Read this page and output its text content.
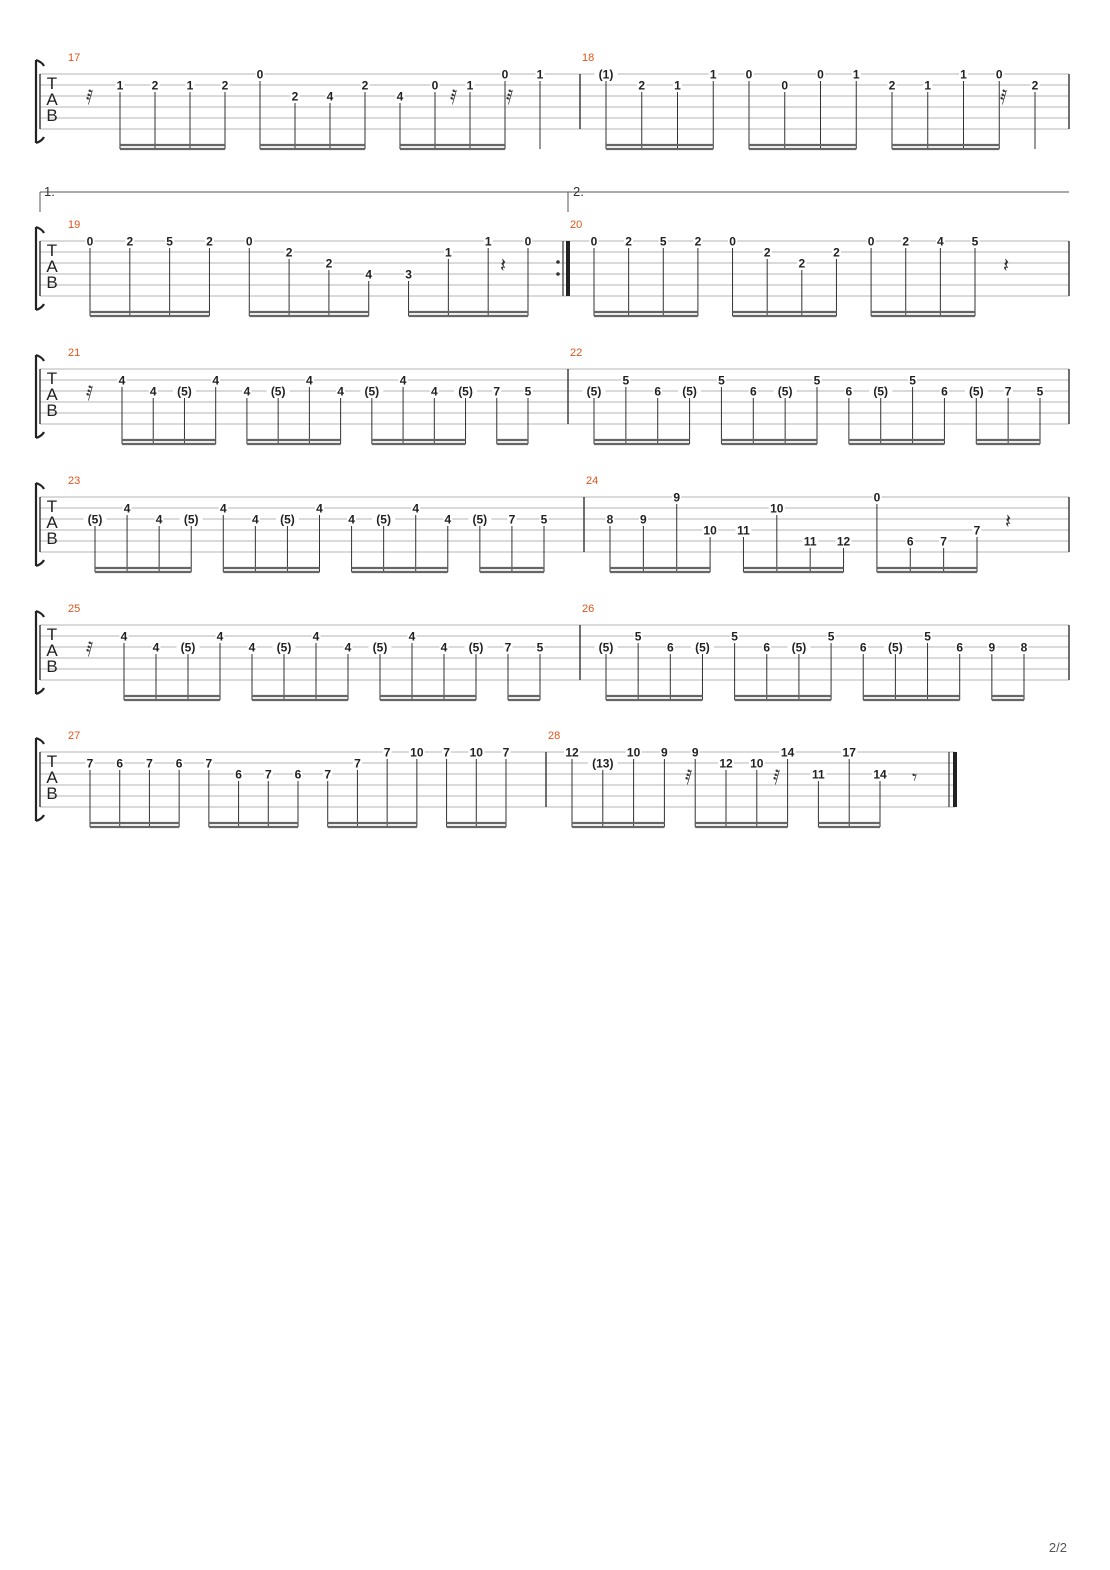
1.	2.
T
A
B
17
1 2 1 2
0
2 4
2
4
0 1
0 1
18
(1)
2 1
1 0
0
0 1
2 1
1 0
2
T
A
B
19
0	2	5	2	0
2
2
4	3
1
1	0
20
0 2 5 2 0
2
2
2
0 2 4 5
T
A
B
21
4
4 (5)
4
4 (5)
4
4 (5)
4
4 (5) 7 5
22
(5)
5
6 (5)
5
6 (5)
5
6 (5)
5
6 (5) 7 5
T
A
B
23
(5)
4
4 (5)
4
4 (5)
4
4 (5)
4
4 (5) 7 5
24
8 9
9
10 11
10
11 12
0
6 7
7
T
A
B
25
4
4 (5)
4
4 (5)
4
4 (5)
4
4 (5) 7 5
26
(5)
5
6 (5)
5
6 (5)
5
6 (5)
5
6 9 8
T
A
B
27
7 6 7 6 7
6 7 6 7
7
7 10 7 10 7
28
12
(13)
10 9 9
12 10
14
11
17
14
𝅀	𝅀 𝅀	𝅀
𝄽	𝄽
𝅀
𝄽
𝅀
𝅀	𝅀	𝄾
2/2
